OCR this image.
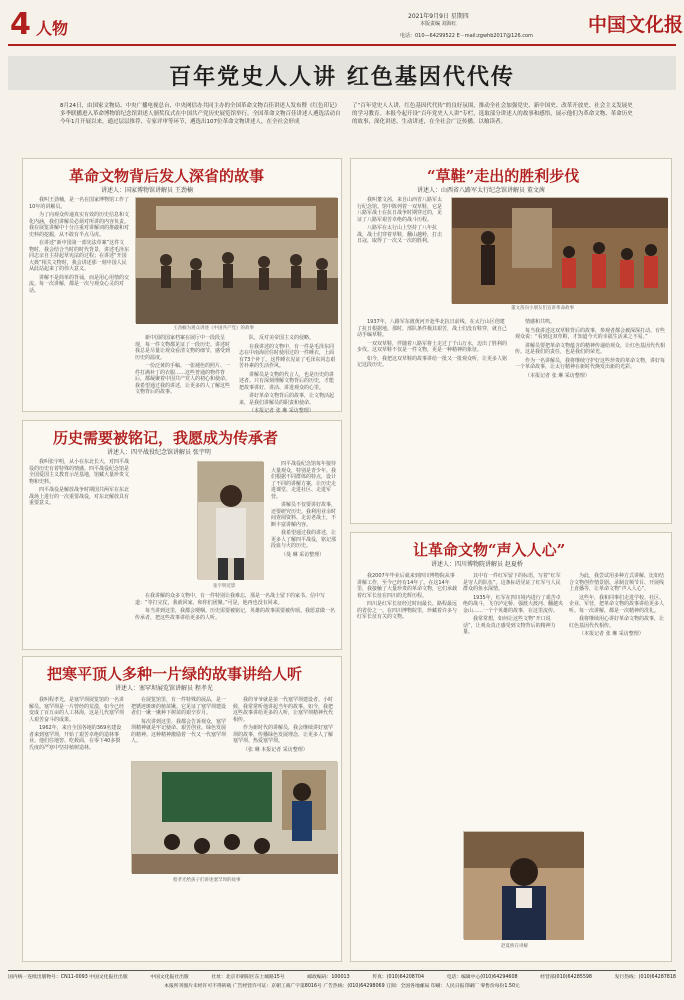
4 人物
2021年9月9日 星期四
本版责编 刘海红
电话：010—64299522 E－mail:zgwhb2017@126.com	中国文化报
百年党史人人讲 红色基因代代传
8月24日，由国家文物局、中央广播电视总台、中央网信办共同主办的全国革命文物百佳讲述人发布暨《红色印记》多季联播进入革命博物馆纪念馆讲述人颁奖仪式在中国共产党历史展览馆举行。全国革命文物百佳讲述人遴选活动自今年1月开展以来，通过层层推荐、专家评审等环节，遴选出107位革命文物讲述人，在全社会形成
了“百年党史人人讲，红色基因代代传”的良好氛围，推动全社会加强党史、新中国史、改革开放史、社会主义发展史的学习教育。本报今起开设“百年党史人人讲”专栏，选取部分讲述人的故事和感悟，展示他们为革命文物、革命历史的故事，深化讲述、生动讲述，在全社会广泛传播，以飨读者。
革命文物背后发人深省的故事
讲述人：国家博物馆讲解员 王劲楠

我叫王劲楠，是一名在国家博物馆工作了10年的讲解员。

为了向观众传递真实有效的历史信息和文化内涵，我们讲解员必须对所讲的内容负责。我在展览讲解中十分注重对讲解词的推敲和对史料的挖掘，从不敢有半点马虎。

在讲述“新中国第一部宪法草案”这件文物时，我会结合当时的时代背景，讲述毛泽东同志亲自主持起草宪法的过程；在讲述“开国大典”相关文物时，我会讲述那一刻中国人民从此站起来了的伟大意义。

讲解不是简单的背诵，而是用心用情的交流。每一次讲解，都是一次与观众心灵的对话。

王劲楠为观众讲述《中国共产党》的故事

新中国的国家档案在展厅中一段段呈现，每一件文物都见证了一段历史。讲述时我总是尽量让观众看清文物的细节，感受到历史的温度。

一份泛黄的手稿、一张褪色的照片、一件打满补丁的衣服……这些普通的物件背后，都凝聚着中国共产党人的初心和使命。我希望通过我的讲述，让更多的人了解这些文物背后的故事。

队，反对美帝国主义的侵略。

在我讲述的文物中，有一件是毛泽东同志在中南海居住时使用过的一件睡衣，上面有73个补丁。这件睡衣见证了毛泽东同志艰苦朴素的生活作风。

讲解员是文物的代言人，也是历史的讲述者。只有深刻理解文物背后的历史，才能把故事讲好、讲活、讲进观众的心里。

讲好革命文物背后的故事，让文物活起来，是我们讲解员的职责和使命。

（本报记者 张 琳 采访整理）

“草鞋”走出的胜利步伐
讲述人：山西省八路军太行纪念馆讲解员 董文茜

我叫董文茜，来自山西省八路军太行纪念馆。馆中陈列着一双草鞋，它是八路军战士在抗日战争时期穿过的，见证了八路军艰苦卓绝的战斗历程。

八路军在太行山上坚持了八年抗战，战士们穿着草鞋，翻山越岭，打击日寇，取得了一次又一次的胜利。

董文茜向小朋友们宣讲革命故事

1937年，八路军东渡黄河开赴华北抗日前线，在太行山区创建了抗日根据地。那时，部队条件极其艰苦，战士们没有鞋穿，就自己动手编草鞋。

一双双草鞋，伴随着八路军将士走过了千山万水，迈出了胜利的步伐。这双草鞋不仅是一件文物，更是一种精神的象征。

如今，我把这双草鞋的故事讲给一批又一批观众听，让更多人铭记这段历史。

情感和共鸣。

每当我讲述这双草鞋背后的故事，参观者都会被深深打动。有些观众说：“看到这双草鞋，才知道今天的幸福生活来之不易。”

讲解员要把革命文物蕴含的精神传递给观众，让红色基因代代相传。这是我们的责任，也是我们的荣光。

作为一名讲解员，我将继续守护好这些珍贵的革命文物，讲好每一个革命故事，让太行精神在新时代焕发出新的光彩。

（本报记者 张 琳 采访整理）

历史需要被铭记，我愿成为传承者
讲述人：四平战役纪念馆讲解员 张宇明

我叫张宇明，从小在东北长大，对四平战役的历史有着特殊的情感。四平战役纪念馆是全国爱国主义教育示范基地，馆藏大量珍贵文物和史料。

四平战役是解放战争时期国共两军在东北战场上进行的一次重要战役，对东北解放具有重要意义。

张宇明近影

在我讲解的众多文物中，有一件特别让我难忘，那是一名战士留下的家书。信中写道：“等打完仗，我就回家，和你们团聚。”可是，他再也没有回来。

每当讲到这里，我都会哽咽。历史需要被铭记，英雄的故事需要被传颂。我愿意做一名传承者，把这些故事讲给更多的人听。

四平战役纪念馆每年接待大量观众，特别是青少年。我们根据不同群体的特点，设计了不同的讲解方案，让历史走进课堂、走进社区、走进军营。

讲解员不仅要讲好故事，还要研究历史。我利用业余时间查阅资料、走访老战士，不断丰富讲解内容。

我希望通过我的讲述，让更多人了解四平战役，铭记那段血与火的历史。

（曼 琳 采访整理）

把寒平顶人多种一片绿的故事讲给人听
讲述人：塞罕坝展览馆讲解员 程孝光

我叫程孝光，是塞罕坝展览馆的一名讲解员。塞罕坝是一片曾经的荒漠，如今已经变成了百万亩的人工林海，这是几代塞罕坝人艰苦奋斗的成果。

1962年，来自全国各地的369名建设者来到塞罕坝，开始了艰苦卓绝的造林事业。他们住地窖、吃莜面，在零下40多摄氏度的严寒中坚持植树造林。

在展览馆里，有一件特殊的展品，是一把锈迹斑斑的植苗锹。它见证了塞罕坝建设者们一锹一锹种下树苗的艰辛岁月。

每次讲到这里，我都会告诉观众，塞罕坝精神就是牢记使命、艰苦创业、绿色发展的精神。这种精神激励着一代又一代塞罕坝人。

我的爷爷就是第一代塞罕坝建设者。小时候，我常常听他讲起当年的故事。如今，我把这些故事讲给更多的人听，让塞罕坝精神代代相传。

作为新时代的讲解员，我会继续讲好塞罕坝的故事，传播绿色发展理念，让更多人了解塞罕坝、热爱塞罕坝。

（张 琳 本报记者 采访整理）

程孝光给孩子们讲述塞罕坝的故事
让革命文物“声入人心”
讲述人：四川博物院讲解员 赵夏桥

我2007年毕业后就来到四川博物院从事讲解工作，至今已经有14年了。在这14年里，我接触了大量珍贵的革命文物，它们承载着红军长征在四川的光辉历程。

四川是红军长征经过时间最长、路程最远的省份之一。在四川博物院里，珍藏着许多与红军长征有关的文物。

其中有一件红军留下的标语，写着“红军是穷人的队伍”。这条标语见证了红军与人民群众的鱼水深情。

1935年，红军在四川境内进行了艰苦卓绝的战斗，飞夺泸定桥、强渡大渡河、翻越夹金山……一个个英雄的故事，在这里流传。

我常常想，如何让这些文物“开口说话”，让观众真正感受到文物背后的精神力量。

为此，我尝试用多种方式讲解，比如结合文物创作情景剧、录制音频节目、开展线上直播等，让革命文物“声入人心”。

这些年，我和同事们走进学校、社区、企业、军营，把革命文物的故事讲给更多人听。每一次讲解，都是一次精神的洗礼。

我将继续用心讲好革命文物的故事，让红色基因代代相传。

（本报记者 张 琳 采访整理）

赵夏桥在讲解
国内统一连续出版物号：CN11-0093 中国文化报社出版	中国文化报社出版	社址：北京市朝阳区东土城路15号	邮政编码：100013	传真：(010)64208704	电话：编辑中心(010)64294608	经营部(010)64285598	发行热线：(010)64287818
本报所刊图片未经许可不得转载 广告经营许可证：京朝工商广字第8016号 广告热线：(010)64298069 订阅：全国各地邮局 印刷：人民日报印刷厂 零售价每份1.50元
